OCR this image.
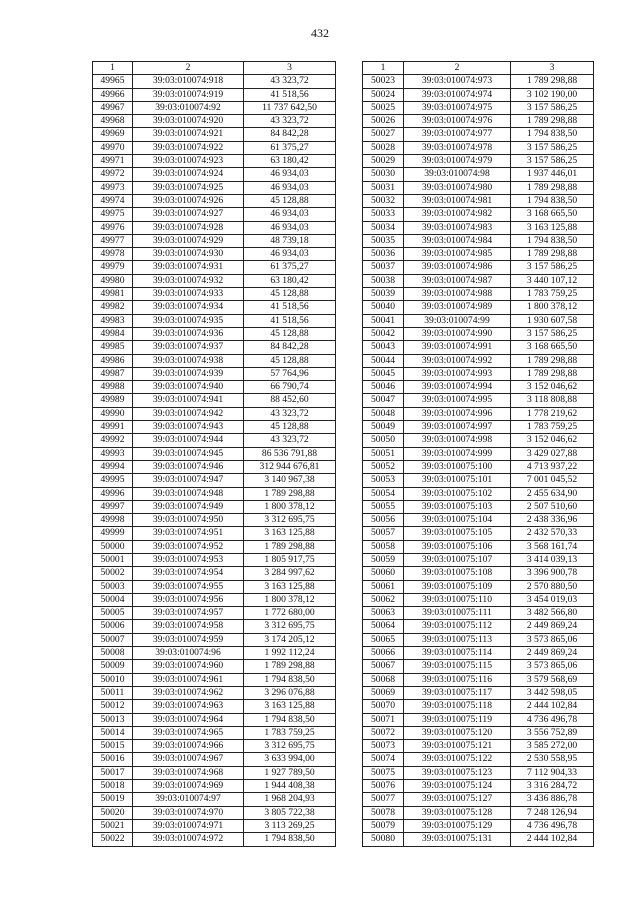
432
1	2	3
49965	39:03:010074:918	43 323,72
49966	39:03:010074:919	41 518,56
49967	39:03:010074:92	11 737 642,50
49968	39:03:010074:920	43 323,72
49969	39:03:010074:921	84 842,28
49970	39:03:010074:922	61 375,27
49971	39:03:010074:923	63 180,42
49972	39:03:010074:924	46 934,03
49973	39:03:010074:925	46 934,03
49974	39:03:010074:926	45 128,88
49975	39:03:010074:927	46 934,03
49976	39:03:010074:928	46 934,03
49977	39:03:010074:929	48 739,18
49978	39:03:010074:930	46 934,03
49979	39:03:010074:931	61 375,27
49980	39:03:010074:932	63 180,42
49981	39:03:010074:933	45 128,88
49982	39:03:010074:934	41 518,56
49983	39:03:010074:935	41 518,56
49984	39:03:010074:936	45 128,88
49985	39:03:010074:937	84 842,28
49986	39:03:010074:938	45 128,88
49987	39:03:010074:939	57 764,96
49988	39:03:010074:940	66 790,74
49989	39:03:010074:941	88 452,60
49990	39:03:010074:942	43 323,72
49991	39:03:010074:943	45 128,88
49992	39:03:010074:944	43 323,72
49993	39:03:010074:945	86 536 791,88
49994	39:03:010074:946	312 944 676,81
49995	39:03:010074:947	3 140 967,38
49996	39:03:010074:948	1 789 298,88
49997	39:03:010074:949	1 800 378,12
49998	39:03:010074:950	3 312 695,75
49999	39:03:010074:951	3 163 125,88
50000	39:03:010074:952	1 789 298,88
50001	39:03:010074:953	1 805 917,75
50002	39:03:010074:954	3 284 997,62
50003	39:03:010074:955	3 163 125,88
50004	39:03:010074:956	1 800 378,12
50005	39:03:010074:957	1 772 680,00
50006	39:03:010074:958	3 312 695,75
50007	39:03:010074:959	3 174 205,12
50008	39:03:010074:96	1 992 112,24
50009	39:03:010074:960	1 789 298,88
50010	39:03:010074:961	1 794 838,50
50011	39:03:010074:962	3 296 076,88
50012	39:03:010074:963	3 163 125,88
50013	39:03:010074:964	1 794 838,50
50014	39:03:010074:965	1 783 759,25
50015	39:03:010074:966	3 312 695,75
50016	39:03:010074:967	3 633 994,00
50017	39:03:010074:968	1 927 789,50
50018	39:03:010074:969	1 944 408,38
50019	39:03:010074:97	1 968 204,93
50020	39:03:010074:970	3 805 722,38
50021	39:03:010074:971	3 113 269,25
50022	39:03:010074:972	1 794 838,50
1	2	3
50023	39:03:010074:973	1 789 298,88
50024	39:03:010074:974	3 102 190,00
50025	39:03:010074:975	3 157 586,25
50026	39:03:010074:976	1 789 298,88
50027	39:03:010074:977	1 794 838,50
50028	39:03:010074:978	3 157 586,25
50029	39:03:010074:979	3 157 586,25
50030	39:03:010074:98	1 937 446,01
50031	39:03:010074:980	1 789 298,88
50032	39:03:010074:981	1 794 838,50
50033	39:03:010074:982	3 168 665,50
50034	39:03:010074:983	3 163 125,88
50035	39:03:010074:984	1 794 838,50
50036	39:03:010074:985	1 789 298,88
50037	39:03:010074:986	3 157 586,25
50038	39:03:010074:987	3 440 107,12
50039	39:03:010074:988	1 783 759,25
50040	39:03:010074:989	1 800 378,12
50041	39:03:010074:99	1 930 607,58
50042	39:03:010074:990	3 157 586,25
50043	39:03:010074:991	3 168 665,50
50044	39:03:010074:992	1 789 298,88
50045	39:03:010074:993	1 789 298,88
50046	39:03:010074:994	3 152 046,62
50047	39:03:010074:995	3 118 808,88
50048	39:03:010074:996	1 778 219,62
50049	39:03:010074:997	1 783 759,25
50050	39:03:010074:998	3 152 046,62
50051	39:03:010074:999	3 429 027,88
50052	39:03:010075:100	4 713 937,22
50053	39:03:010075:101	7 001 045,52
50054	39:03:010075:102	2 455 634,90
50055	39:03:010075:103	2 507 510,60
50056	39:03:010075:104	2 438 336,96
50057	39:03:010075:105	2 432 570,33
50058	39:03:010075:106	3 568 161,74
50059	39:03:010075:107	3 414 039,13
50060	39:03:010075:108	3 396 900,78
50061	39:03:010075:109	2 570 880,50
50062	39:03:010075:110	3 454 019,03
50063	39:03:010075:111	3 482 566,80
50064	39:03:010075:112	2 449 869,24
50065	39:03:010075:113	3 573 865,06
50066	39:03:010075:114	2 449 869,24
50067	39:03:010075:115	3 573 865,06
50068	39:03:010075:116	3 579 568,69
50069	39:03:010075:117	3 442 598,05
50070	39:03:010075:118	2 444 102,84
50071	39:03:010075:119	4 736 496,78
50072	39:03:010075:120	3 556 752,89
50073	39:03:010075:121	3 585 272,00
50074	39:03:010075:122	2 530 558,95
50075	39:03:010075:123	7 112 904,33
50076	39:03:010075:124	3 316 284,72
50077	39:03:010075:127	3 436 886,78
50078	39:03:010075:128	7 248 126,94
50079	39:03:010075:129	4 736 496,78
50080	39:03:010075:131	2 444 102,84
